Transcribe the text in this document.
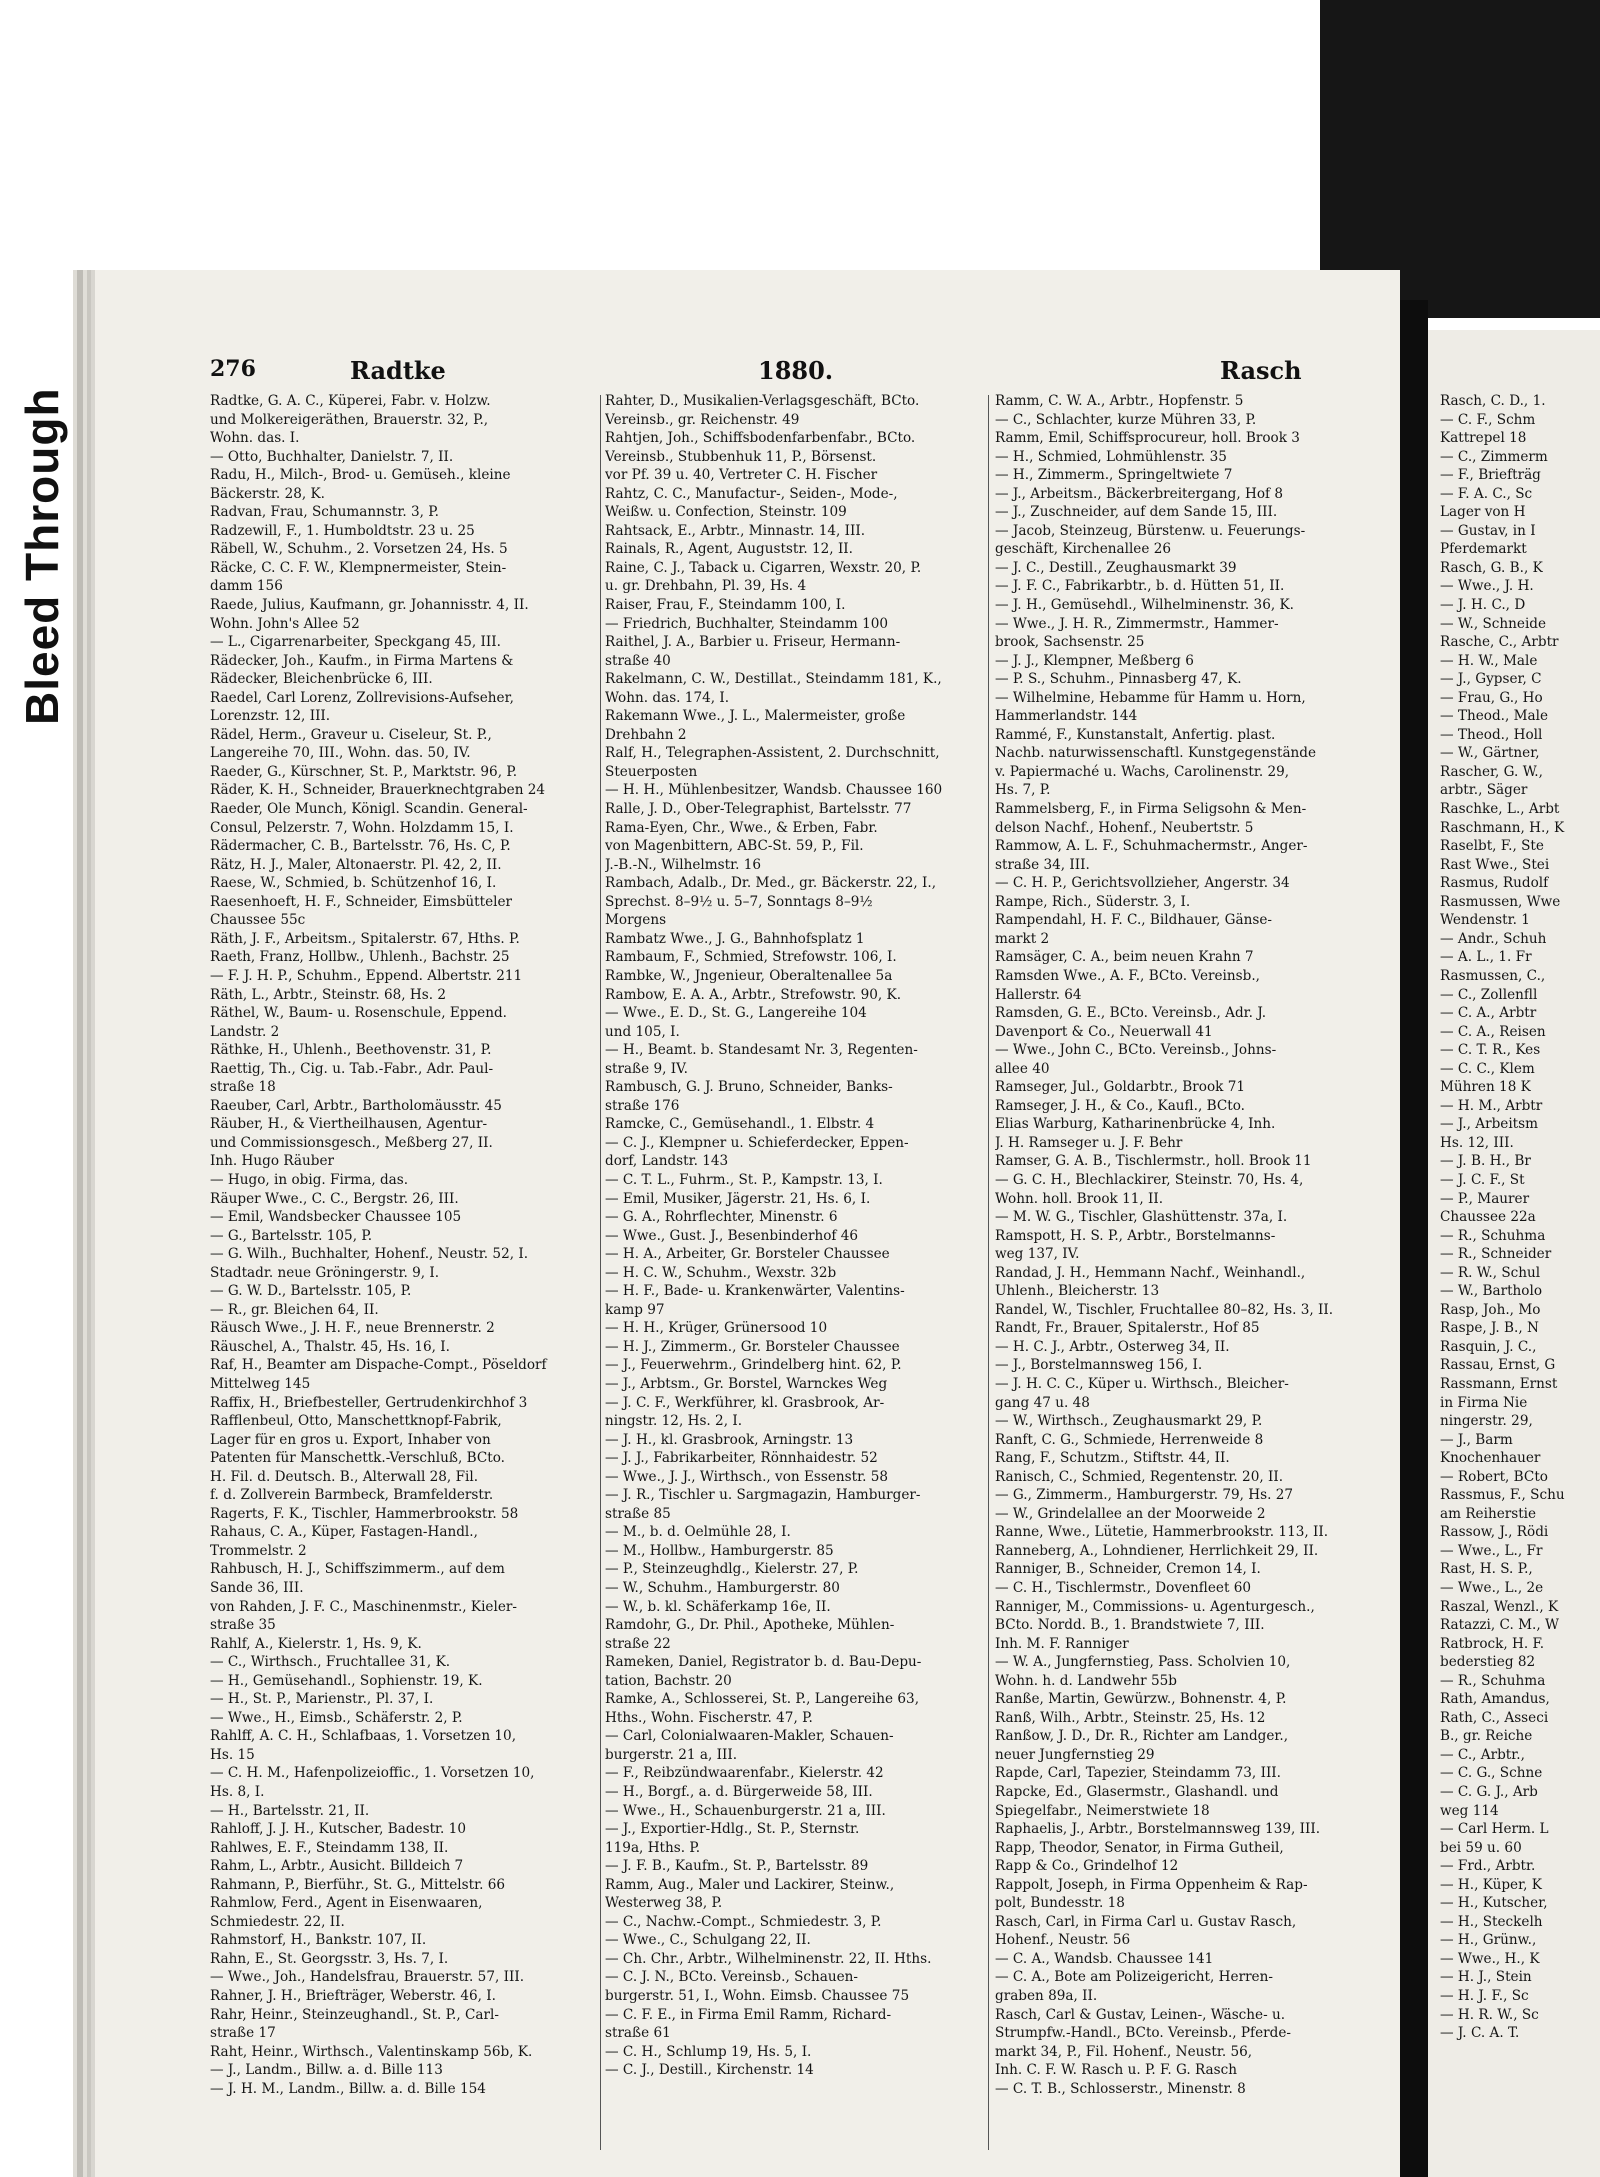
Bleed Through
276	Radtke	1880.	Rasch
Radtke, G. A. C., Küperei, Fabr. v. Holzw.
und Molkereigeräthen, Brauerstr. 32, P.,
Wohn. das. I.
— Otto, Buchhalter, Danielstr. 7, II.
Radu, H., Milch-, Brod- u. Gemüseh., kleine
Bäckerstr. 28, K.
Radvan, Frau, Schumannstr. 3, P.
Radzewill, F., 1. Humboldtstr. 23 u. 25
Räbell, W., Schuhm., 2. Vorsetzen 24, Hs. 5
Räcke, C. C. F. W., Klempnermeister, Stein-
damm 156
Raede, Julius, Kaufmann, gr. Johannisstr. 4, II.
Wohn. John's Allee 52
— L., Cigarrenarbeiter, Speckgang 45, III.
Rädecker, Joh., Kaufm., in Firma Martens &
Rädecker, Bleichenbrücke 6, III.
Raedel, Carl Lorenz, Zollrevisions-Aufseher,
Lorenzstr. 12, III.
Rädel, Herm., Graveur u. Ciseleur, St. P.,
Langereihe 70, III., Wohn. das. 50, IV.
Raeder, G., Kürschner, St. P., Marktstr. 96, P.
Räder, K. H., Schneider, Brauerknechtgraben 24
Raeder, Ole Munch, Königl. Scandin. General-
Consul, Pelzerstr. 7, Wohn. Holzdamm 15, I.
Rädermacher, C. B., Bartelsstr. 76, Hs. C, P.
Rätz, H. J., Maler, Altonaerstr. Pl. 42, 2, II.
Raese, W., Schmied, b. Schützenhof 16, I.
Raesenhoeft, H. F., Schneider, Eimsbütteler
Chaussee 55c
Räth, J. F., Arbeitsm., Spitalerstr. 67, Hths. P.
Raeth, Franz, Hollbw., Uhlenh., Bachstr. 25
— F. J. H. P., Schuhm., Eppend. Albertstr. 211
Räth, L., Arbtr., Steinstr. 68, Hs. 2
Räthel, W., Baum- u. Rosenschule, Eppend.
Landstr. 2
Räthke, H., Uhlenh., Beethovenstr. 31, P.
Raettig, Th., Cig. u. Tab.-Fabr., Adr. Paul-
straße 18
Raeuber, Carl, Arbtr., Bartholomäusstr. 45
Räuber, H., & Viertheilhausen, Agentur-
und Commissionsgesch., Meßberg 27, II.
Inh. Hugo Räuber
— Hugo, in obig. Firma, das.
Räuper Wwe., C. C., Bergstr. 26, III.
— Emil, Wandsbecker Chaussee 105
— G., Bartelsstr. 105, P.
— G. Wilh., Buchhalter, Hohenf., Neustr. 52, I.
Stadtadr. neue Gröningerstr. 9, I.
— G. W. D., Bartelsstr. 105, P.
— R., gr. Bleichen 64, II.
Räusch Wwe., J. H. F., neue Brennerstr. 2
Räuschel, A., Thalstr. 45, Hs. 16, I.
Raf, H., Beamter am Dispache-Compt., Pöseldorf
Mittelweg 145
Raffix, H., Briefbesteller, Gertrudenkirchhof 3
Rafflenbeul, Otto, Manschettknopf-Fabrik,
Lager für en gros u. Export, Inhaber von
Patenten für Manschettk.-Verschluß, BCto.
H. Fil. d. Deutsch. B., Alterwall 28, Fil.
f. d. Zollverein Barmbeck, Bramfelderstr.
Ragerts, F. K., Tischler, Hammerbrookstr. 58
Rahaus, C. A., Küper, Fastagen-Handl.,
Trommelstr. 2
Rahbusch, H. J., Schiffszimmerm., auf dem
Sande 36, III.
von Rahden, J. F. C., Maschinenmstr., Kieler-
straße 35
Rahlf, A., Kielerstr. 1, Hs. 9, K.
— C., Wirthsch., Fruchtallee 31, K.
— H., Gemüsehandl., Sophienstr. 19, K.
— H., St. P., Marienstr., Pl. 37, I.
— Wwe., H., Eimsb., Schäferstr. 2, P.
Rahlff, A. C. H., Schlafbaas, 1. Vorsetzen 10,
Hs. 15
— C. H. M., Hafenpolizeioffic., 1. Vorsetzen 10,
Hs. 8, I.
— H., Bartelsstr. 21, II.
Rahloff, J. J. H., Kutscher, Badestr. 10
Rahlwes, E. F., Steindamm 138, II.
Rahm, L., Arbtr., Ausicht. Billdeich 7
Rahmann, P., Bierführ., St. G., Mittelstr. 66
Rahmlow, Ferd., Agent in Eisenwaaren,
Schmiedestr. 22, II.
Rahmstorf, H., Bankstr. 107, II.
Rahn, E., St. Georgsstr. 3, Hs. 7, I.
— Wwe., Joh., Handelsfrau, Brauerstr. 57, III.
Rahner, J. H., Briefträger, Weberstr. 46, I.
Rahr, Heinr., Steinzeughandl., St. P., Carl-
straße 17
Raht, Heinr., Wirthsch., Valentinskamp 56b, K.
— J., Landm., Billw. a. d. Bille 113
— J. H. M., Landm., Billw. a. d. Bille 154
Rahter, D., Musikalien-Verlagsgeschäft, BCto.
Vereinsb., gr. Reichenstr. 49
Rahtjen, Joh., Schiffsbodenfarbenfabr., BCto.
Vereinsb., Stubbenhuk 11, P., Börsenst.
vor Pf. 39 u. 40, Vertreter C. H. Fischer
Rahtz, C. C., Manufactur-, Seiden-, Mode-,
Weißw. u. Confection, Steinstr. 109
Rahtsack, E., Arbtr., Minnastr. 14, III.
Rainals, R., Agent, Auguststr. 12, II.
Raine, C. J., Taback u. Cigarren, Wexstr. 20, P.
u. gr. Drehbahn, Pl. 39, Hs. 4
Raiser, Frau, F., Steindamm 100, I.
— Friedrich, Buchhalter, Steindamm 100
Raithel, J. A., Barbier u. Friseur, Hermann-
straße 40
Rakelmann, C. W., Destillat., Steindamm 181, K.,
Wohn. das. 174, I.
Rakemann Wwe., J. L., Malermeister, große
Drehbahn 2
Ralf, H., Telegraphen-Assistent, 2. Durchschnitt,
Steuerposten
— H. H., Mühlenbesitzer, Wandsb. Chaussee 160
Ralle, J. D., Ober-Telegraphist, Bartelsstr. 77
Rama-Eyen, Chr., Wwe., & Erben, Fabr.
von Magenbittern, ABC-St. 59, P., Fil.
J.-B.-N., Wilhelmstr. 16
Rambach, Adalb., Dr. Med., gr. Bäckerstr. 22, I.,
Sprechst. 8–9½ u. 5–7, Sonntags 8–9½
Morgens
Rambatz Wwe., J. G., Bahnhofsplatz 1
Rambaum, F., Schmied, Strefowstr. 106, I.
Rambke, W., Jngenieur, Oberaltenallee 5a
Rambow, E. A. A., Arbtr., Strefowstr. 90, K.
— Wwe., E. D., St. G., Langereihe 104
und 105, I.
— H., Beamt. b. Standesamt Nr. 3, Regenten-
straße 9, IV.
Rambusch, G. J. Bruno, Schneider, Banks-
straße 176
Ramcke, C., Gemüsehandl., 1. Elbstr. 4
— C. J., Klempner u. Schieferdecker, Eppen-
dorf, Landstr. 143
— C. T. L., Fuhrm., St. P., Kampstr. 13, I.
— Emil, Musiker, Jägerstr. 21, Hs. 6, I.
— G. A., Rohrflechter, Minenstr. 6
— Wwe., Gust. J., Besenbinderhof 46
— H. A., Arbeiter, Gr. Borsteler Chaussee
— H. C. W., Schuhm., Wexstr. 32b
— H. F., Bade- u. Krankenwärter, Valentins-
kamp 97
— H. H., Krüger, Grünersood 10
— H. J., Zimmerm., Gr. Borsteler Chaussee
— J., Feuerwehrm., Grindelberg hint. 62, P.
— J., Arbtsm., Gr. Borstel, Warnckes Weg
— J. C. F., Werkführer, kl. Grasbrook, Ar-
ningstr. 12, Hs. 2, I.
— J. H., kl. Grasbrook, Arningstr. 13
— J. J., Fabrikarbeiter, Rönnhaidestr. 52
— Wwe., J. J., Wirthsch., von Essenstr. 58
— J. R., Tischler u. Sargmagazin, Hamburger-
straße 85
— M., b. d. Oelmühle 28, I.
— M., Hollbw., Hamburgerstr. 85
— P., Steinzeughdlg., Kielerstr. 27, P.
— W., Schuhm., Hamburgerstr. 80
— W., b. kl. Schäferkamp 16e, II.
Ramdohr, G., Dr. Phil., Apotheke, Mühlen-
straße 22
Rameken, Daniel, Registrator b. d. Bau-Depu-
tation, Bachstr. 20
Ramke, A., Schlosserei, St. P., Langereihe 63,
Hths., Wohn. Fischerstr. 47, P.
— Carl, Colonialwaaren-Makler, Schauen-
burgerstr. 21 a, III.
— F., Reibzündwaarenfabr., Kielerstr. 42
— H., Borgf., a. d. Bürgerweide 58, III.
— Wwe., H., Schauenburgerstr. 21 a, III.
— J., Exportier-Hdlg., St. P., Sternstr.
119a, Hths. P.
— J. F. B., Kaufm., St. P., Bartelsstr. 89
Ramm, Aug., Maler und Lackirer, Steinw.,
Westerweg 38, P.
— C., Nachw.-Compt., Schmiedestr. 3, P.
— Wwe., C., Schulgang 22, II.
— Ch. Chr., Arbtr., Wilhelminenstr. 22, II. Hths.
— C. J. N., BCto. Vereinsb., Schauen-
burgerstr. 51, I., Wohn. Eimsb. Chaussee 75
— C. F. E., in Firma Emil Ramm, Richard-
straße 61
— C. H., Schlump 19, Hs. 5, I.
— C. J., Destill., Kirchenstr. 14
Ramm, C. W. A., Arbtr., Hopfenstr. 5
— C., Schlachter, kurze Mühren 33, P.
Ramm, Emil, Schiffsprocureur, holl. Brook 3
— H., Schmied, Lohmühlenstr. 35
— H., Zimmerm., Springeltwiete 7
— J., Arbeitsm., Bäckerbreitergang, Hof 8
— J., Zuschneider, auf dem Sande 15, III.
— Jacob, Steinzeug, Bürstenw. u. Feuerungs-
geschäft, Kirchenallee 26
— J. C., Destill., Zeughausmarkt 39
— J. F. C., Fabrikarbtr., b. d. Hütten 51, II.
— J. H., Gemüsehdl., Wilhelminenstr. 36, K.
— Wwe., J. H. R., Zimmermstr., Hammer-
brook, Sachsenstr. 25
— J. J., Klempner, Meßberg 6
— P. S., Schuhm., Pinnasberg 47, K.
— Wilhelmine, Hebamme für Hamm u. Horn,
Hammerlandstr. 144
Rammé, F., Kunstanstalt, Anfertig. plast.
Nachb. naturwissenschaftl. Kunstgegenstände
v. Papiermaché u. Wachs, Carolinenstr. 29,
Hs. 7, P.
Rammelsberg, F., in Firma Seligsohn & Men-
delson Nachf., Hohenf., Neubertstr. 5
Rammow, A. L. F., Schuhmachermstr., Anger-
straße 34, III.
— C. H. P., Gerichtsvollzieher, Angerstr. 34
Rampe, Rich., Süderstr. 3, I.
Rampendahl, H. F. C., Bildhauer, Gänse-
markt 2
Ramsäger, C. A., beim neuen Krahn 7
Ramsden Wwe., A. F., BCto. Vereinsb.,
Hallerstr. 64
Ramsden, G. E., BCto. Vereinsb., Adr. J.
Davenport & Co., Neuerwall 41
— Wwe., John C., BCto. Vereinsb., Johns-
allee 40
Ramseger, Jul., Goldarbtr., Brook 71
Ramseger, J. H., & Co., Kaufl., BCto.
Elias Warburg, Katharinenbrücke 4, Inh.
J. H. Ramseger u. J. F. Behr
Ramser, G. A. B., Tischlermstr., holl. Brook 11
— G. C. H., Blechlackirer, Steinstr. 70, Hs. 4,
Wohn. holl. Brook 11, II.
— M. W. G., Tischler, Glashüttenstr. 37a, I.
Ramspott, H. S. P., Arbtr., Borstelmanns-
weg 137, IV.
Randad, J. H., Hemmann Nachf., Weinhandl.,
Uhlenh., Bleicherstr. 13
Randel, W., Tischler, Fruchtallee 80–82, Hs. 3, II.
Randt, Fr., Brauer, Spitalerstr., Hof 85
— H. C. J., Arbtr., Osterweg 34, II.
— J., Borstelmannsweg 156, I.
— J. H. C. C., Küper u. Wirthsch., Bleicher-
gang 47 u. 48
— W., Wirthsch., Zeughausmarkt 29, P.
Ranft, C. G., Schmiede, Herrenweide 8
Rang, F., Schutzm., Stiftstr. 44, II.
Ranisch, C., Schmied, Regentenstr. 20, II.
— G., Zimmerm., Hamburgerstr. 79, Hs. 27
— W., Grindelallee an der Moorweide 2
Ranne, Wwe., Lütetie, Hammerbrookstr. 113, II.
Ranneberg, A., Lohndiener, Herrlichkeit 29, II.
Ranniger, B., Schneider, Cremon 14, I.
— C. H., Tischlermstr., Dovenfleet 60
Ranniger, M., Commissions- u. Agenturgesch.,
BCto. Nordd. B., 1. Brandstwiete 7, III.
Inh. M. F. Ranniger
— W. A., Jungfernstieg, Pass. Scholvien 10,
Wohn. h. d. Landwehr 55b
Ranße, Martin, Gewürzw., Bohnenstr. 4, P.
Ranß, Wilh., Arbtr., Steinstr. 25, Hs. 12
Ranßow, J. D., Dr. R., Richter am Landger.,
neuer Jungfernstieg 29
Rapde, Carl, Tapezier, Steindamm 73, III.
Rapcke, Ed., Glasermstr., Glashandl. und
Spiegelfabr., Neimerstwiete 18
Raphaelis, J., Arbtr., Borstelmannsweg 139, III.
Rapp, Theodor, Senator, in Firma Gutheil,
Rapp & Co., Grindelhof 12
Rappolt, Joseph, in Firma Oppenheim & Rap-
polt, Bundesstr. 18
Rasch, Carl, in Firma Carl u. Gustav Rasch,
Hohenf., Neustr. 56
— C. A., Wandsb. Chaussee 141
— C. A., Bote am Polizeigericht, Herren-
graben 89a, II.
Rasch, Carl & Gustav, Leinen-, Wäsche- u.
Strumpfw.-Handl., BCto. Vereinsb., Pferde-
markt 34, P., Fil. Hohenf., Neustr. 56,
Inh. C. F. W. Rasch u. P. F. G. Rasch
— C. T. B., Schlosserstr., Minenstr. 8
Rasch, C. D., 1.
— C. F., Schm
Kattrepel 18
— C., Zimmerm
— F., Briefträg
— F. A. C., Sc
Lager von H
— Gustav, in I
Pferdemarkt
Rasch, G. B., K
— Wwe., J. H.
— J. H. C., D
— W., Schneide
Rasche, C., Arbtr
— H. W., Male
— J., Gypser, C
— Frau, G., Ho
— Theod., Male
— Theod., Holl
— W., Gärtner,
Rascher, G. W.,
arbtr., Säger
Raschke, L., Arbt
Raschmann, H., K
Raselbt, F., Ste
Rast Wwe., Stei
Rasmus, Rudolf
Rasmussen, Wwe
Wendenstr. 1
— Andr., Schuh
— A. L., 1. Fr
Rasmussen, C.,
— C., Zollenfll
— C. A., Arbtr
— C. A., Reisen
— C. T. R., Kes
— C. C., Klem
Mühren 18 K
— H. M., Arbtr
— J., Arbeitsm
Hs. 12, III.
— J. B. H., Br
— J. C. F., St
— P., Maurer
Chaussee 22a
— R., Schuhma
— R., Schneider
— R. W., Schul
— W., Bartholo
Rasp, Joh., Mo
Raspe, J. B., N
Rasquin, J. C.,
Rassau, Ernst, G
Rassmann, Ernst
in Firma Nie
ningerstr. 29,
— J., Barm
Knochenhauer
— Robert, BCto
Rassmus, F., Schu
am Reiherstie
Rassow, J., Rödi
— Wwe., L., Fr
Rast, H. S. P.,
— Wwe., L., 2e
Raszal, Wenzl., K
Ratazzi, C. M., W
Ratbrock, H. F.
bederstieg 82
— R., Schuhma
Rath, Amandus,
Rath, C., Asseci
B., gr. Reiche
— C., Arbtr.,
— C. G., Schne
— C. G. J., Arb
weg 114
— Carl Herm. L
bei 59 u. 60
— Frd., Arbtr.
— H., Küper, K
— H., Kutscher,
— H., Steckelh
— H., Grünw.,
— Wwe., H., K
— H. J., Stein
— H. J. F., Sc
— H. R. W., Sc
— J. C. A. T.
